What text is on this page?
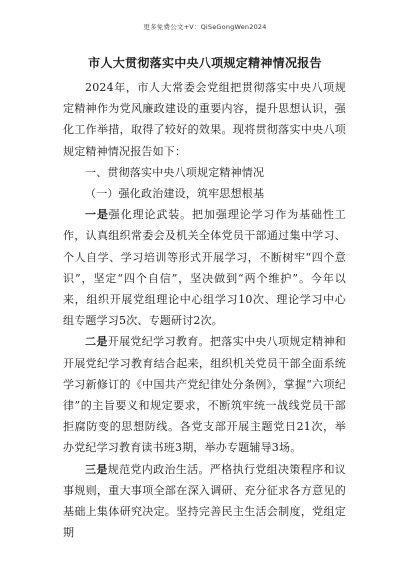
更多免费公文+V：QiSeGongWen2024
市人大贯彻落实中央八项规定精神情况报告

2024年，市人大常委会党组把贯彻落实中央八项规定精神作为党风廉政建设的重要内容，提升思想认识，强化工作举措，取得了较好的效果。现将贯彻落实中央八项规定精神情况报告如下：

一、贯彻落实中央八项规定精神情况

（一）强化政治建设，筑牢思想根基

一是强化理论武装。把加强理论学习作为基础性工作，认真组织常委会及机关全体党员干部通过集中学习、个人自学、学习培训等形式开展学习，不断树牢“四个意识”，坚定“四个自信”，坚决做到“两个维护”。今年以来，组织开展党组理论中心组学习10次、理论学习中心组专题学习5次、专题研讨2次。

二是开展党纪学习教育。把落实中央八项规定精神和开展党纪学习教育结合起来，组织机关党员干部全面系统学习新修订的《中国共产党纪律处分条例》，掌握“六项纪律”的主旨要义和规定要求，不断筑牢统一战线党员干部拒腐防变的思想防线。各党支部开展主题党日21次，举办党纪学习教育读书班3期，举办专题辅导3场。

三是规范党内政治生活。严格执行党组决策程序和议事规则，重大事项全部在深入调研、充分征求各方意见的基础上集体研究决定。坚持完善民主生活会制度，党组定期
